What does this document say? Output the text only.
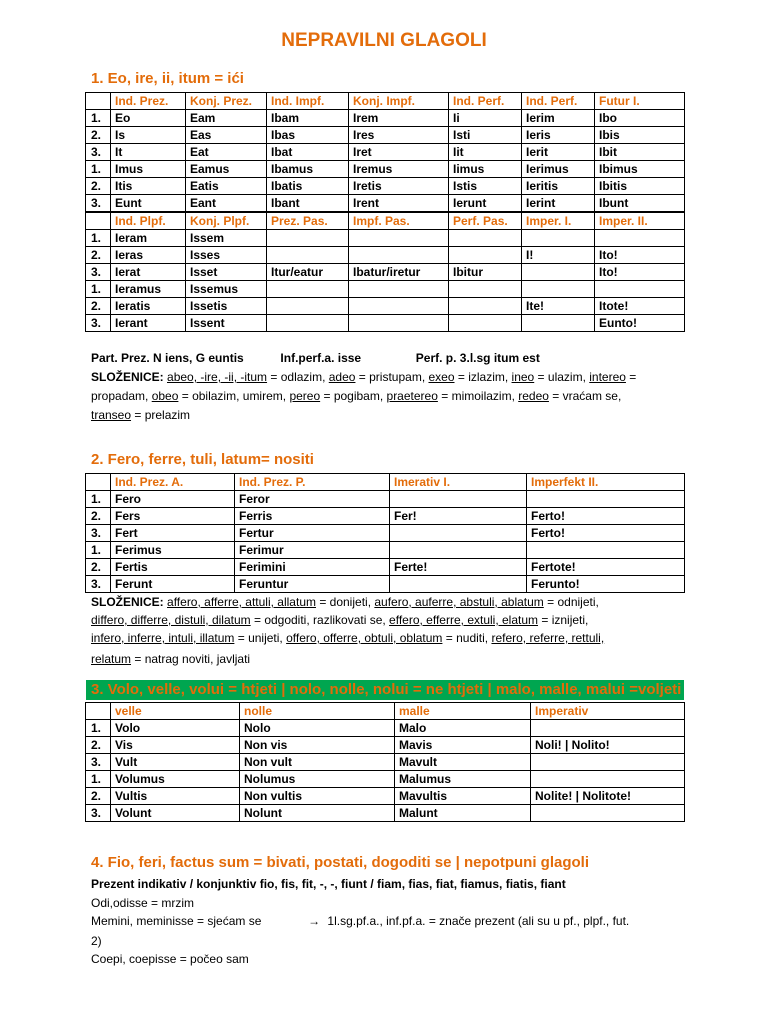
NEPRAVILNI GLAGOLI
1. Eo, ire, ii, itum = ići
	Ind. Prez.	Konj. Prez.	Ind. Impf.	Konj. Impf.	Ind. Perf.	Ind. Perf.	Futur I.
1.	Eo	Eam	Ibam	Irem	Ii	Ierim	Ibo
2.	Is	Eas	Ibas	Ires	Isti	Ieris	Ibis
3.	It	Eat	Ibat	Iret	Iit	Ierit	Ibit
1.	Imus	Eamus	Ibamus	Iremus	Iimus	Ierimus	Ibimus
2.	Itis	Eatis	Ibatis	Iretis	Istis	Ieritis	Ibitis
3.	Eunt	Eant	Ibant	Irent	Ierunt	Ierint	Ibunt
	Ind. Plpf.	Konj. Plpf.	Prez. Pas.	Impf. Pas.	Perf. Pas.	Imper. I.	Imper. II.
1.	Ieram	Issem					
2.	Ieras	Isses				I!	Ito!
3.	Ierat	Isset	Itur/eatur	Ibatur/iretur	Ibitur		Ito!
1.	Ieramus	Issemus					
2.	Ieratis	Issetis				Ite!	Itote!
3.	Ierant	Issent					Eunto!
Part. Prez. N iens, G euntis	Inf.perf.a. isse	Perf. p. 3.l.sg itum est
SLOŽENICE: abeo, -ire, -ii, -itum = odlazim, adeo = pristupam, exeo = izlazim, ineo = ulazim, intereo =
propadam, obeo = obilazim, umirem, pereo = pogibam, praetereo = mimoilazim, redeo = vraćam se,
transeo = prelazim
2. Fero, ferre, tuli, latum= nositi
	Ind. Prez. A.	Ind. Prez. P.	Imerativ I.	Imperfekt II.
1.	Fero	Feror		
2.	Fers	Ferris	Fer!	Ferto!
3.	Fert	Fertur		Ferto!
1.	Ferimus	Ferimur		
2.	Fertis	Ferimini	Ferte!	Fertote!
3.	Ferunt	Feruntur		Ferunto!
SLOŽENICE: affero, afferre, attuli, allatum = donijeti, aufero, auferre, abstuli, ablatum = odnijeti,
differo, differre, distuli, dilatum = odgoditi, razlikovati se, effero, efferre, extuli, elatum = iznijeti,
infero, inferre, intuli, illatum = unijeti, offero, offerre, obtuli, oblatum = nuditi, refero, referre, rettuli,
relatum = natrag noviti, javljati
3. Volo, velle, volui = htjeti | nolo, nolle, nolui = ne htjeti | malo, malle, malui =voljeti
	velle	nolle	malle	Imperativ
1.	Volo	Nolo	Malo	
2.	Vis	Non vis	Mavis	Noli! | Nolito!
3.	Vult	Non vult	Mavult	
1.	Volumus	Nolumus	Malumus	
2.	Vultis	Non vultis	Mavultis	Nolite! | Nolitote!
3.	Volunt	Nolunt	Malunt	
4. Fio, feri, factus sum = bivati, postati, dogoditi se | nepotpuni glagoli
Prezent indikativ / konjunktiv fio, fis, fit, -, -, fiunt / fiam, fias, fiat, fiamus, fiatis, fiant
Odi,odisse = mrzim
Memini, meminisse = sjećam se	→ 1l.sg.pf.a., inf.pf.a. = znače prezent (ali su u pf., plpf., fut.
2)
Coepi, coepisse = počeo sam
